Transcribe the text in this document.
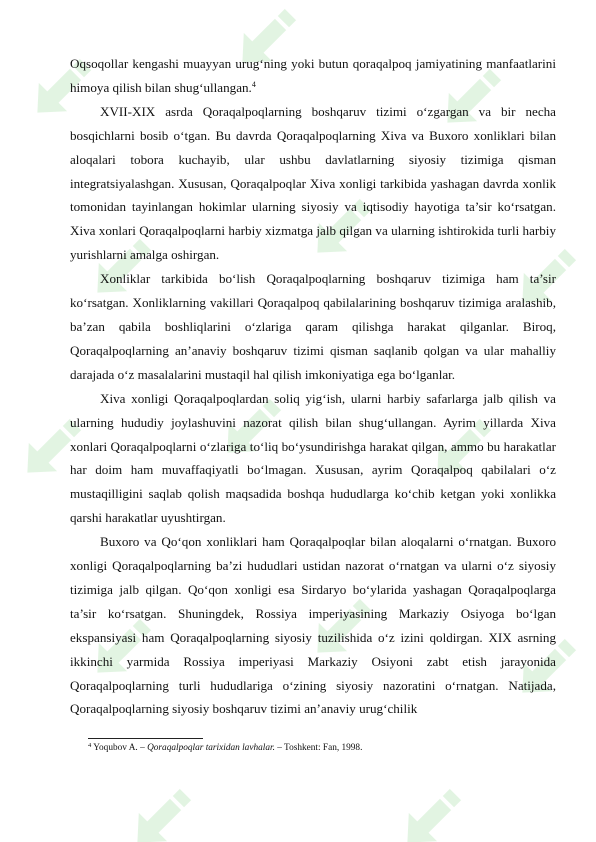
Oqsoqollar kengashi muayyan urug‘ning yoki butun qoraqalpoq jamiyatining manfaatlarini himoya qilish bilan shug‘ullangan.$^4$

XVII-XIX asrda Qoraqalpoqlarning boshqaruv tizimi o‘zgargan va bir necha bosqichlarni bosib o‘tgan. Bu davrda Qoraqalpoqlarning Xiva va Buxoro xonliklari bilan aloqalari tobora kuchayib, ular ushbu davlatlarning siyosiy tizimiga qisman integratsiyalashgan. Xususan, Qoraqalpoqlar Xiva xonligi tarkibida yashagan davrda xonlik tomonidan tayinlangan hokimlar ularning siyosiy va iqtisodiy hayotiga ta’sir ko‘rsatgan. Xiva xonlari Qoraqalpoqlarni harbiy xizmatga jalb qilgan va ularning ishtirokida turli harbiy yurishlarni amalga oshirgan.

Xonliklar tarkibida bo‘lish Qoraqalpoqlarning boshqaruv tizimiga ham ta’sir ko‘rsatgan. Xonliklarning vakillari Qoraqalpoq qabilalarining boshqaruv tizimiga aralashib, ba’zan qabila boshliqlarini o‘zlariga qaram qilishga harakat qilganlar. Biroq, Qoraqalpoqlarning an’anaviy boshqaruv tizimi qisman saqlanib qolgan va ular mahalliy darajada o‘z masalalarini mustaqil hal qilish imkoniyatiga ega bo‘lganlar.

Xiva xonligi Qoraqalpoqlardan soliq yig‘ish, ularni harbiy safarlarga jalb qilish va ularning hududiy joylashuvini nazorat qilish bilan shug‘ullangan. Ayrim yillarda Xiva xonlari Qoraqalpoqlarni o‘zlariga to‘liq bo‘ysundirishga harakat qilgan, ammo bu harakatlar har doim ham muvaffaqiyatli bo‘lmagan. Xususan, ayrim Qoraqalpoq qabilalari o‘z mustaqilligini saqlab qolish maqsadida boshqa hududlarga ko‘chib ketgan yoki xonlikka qarshi harakatlar uyushtirgan.

Buxoro va Qo‘qon xonliklari ham Qoraqalpoqlar bilan aloqalarni o‘rnatgan. Buxoro xonligi Qoraqalpoqlarning ba’zi hududlari ustidan nazorat o‘rnatgan va ularni o‘z siyosiy tizimiga jalb qilgan. Qo‘qon xonligi esa Sirdaryo bo‘ylarida yashagan Qoraqalpoqlarga ta’sir ko‘rsatgan. Shuningdek, Rossiya imperiyasining Markaziy Osiyoga bo‘lgan ekspansiyasi ham Qoraqalpoqlarning siyosiy tuzilishida o‘z izini qoldirgan. XIX asrning ikkinchi yarmida Rossiya imperiyasi Markaziy Osiyoni zabt etish jarayonida Qoraqalpoqlarning turli hududlariga o‘zining siyosiy nazoratini o‘rnatgan. Natijada, Qoraqalpoqlarning siyosiy boshqaruv tizimi an’anaviy urug‘chilik

$^4$ Yoqubov A. – Qoraqalpoqlar tarixidan lavhalar. – Toshkent: Fan, 1998.
